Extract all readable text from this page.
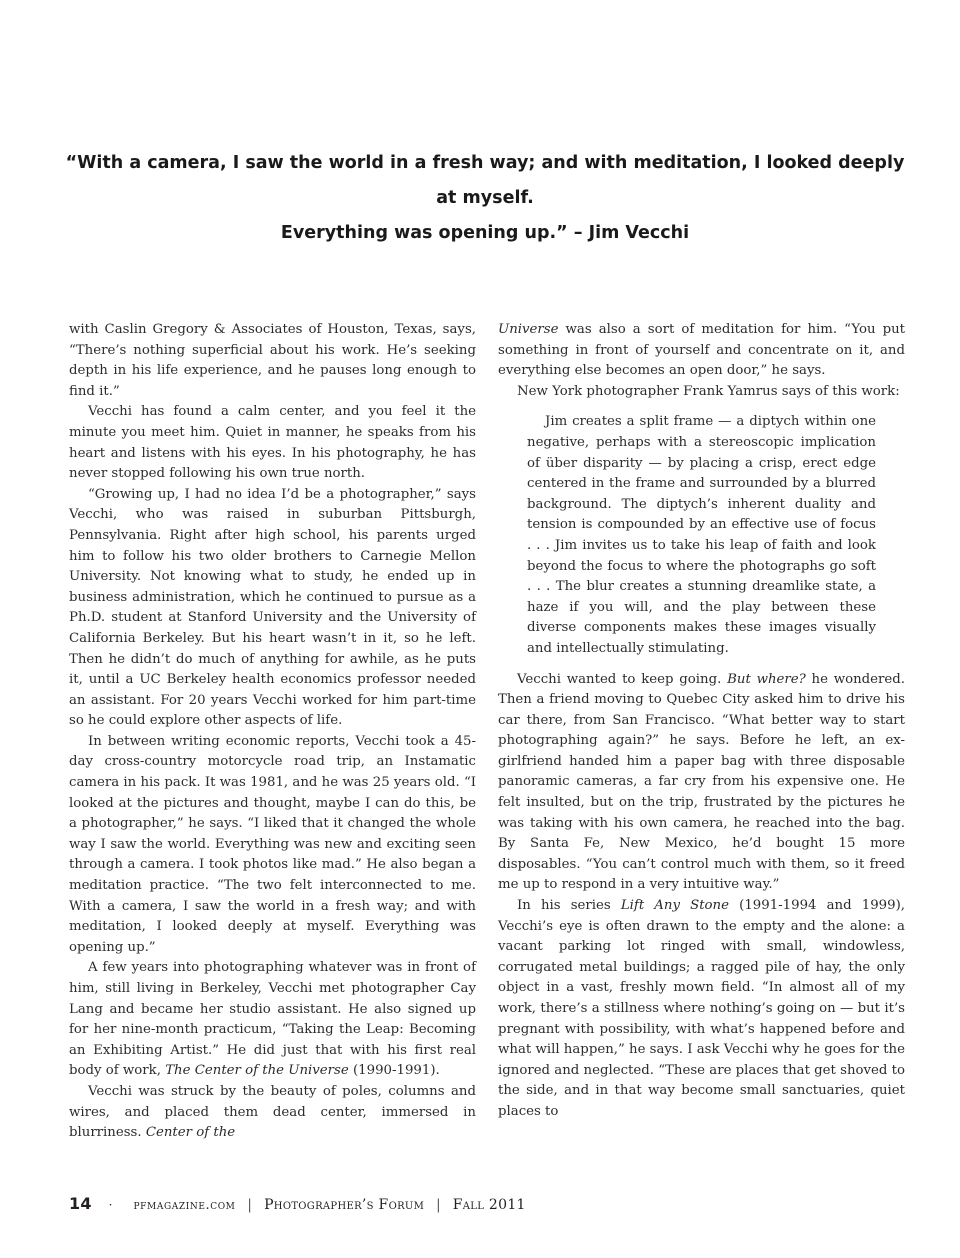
“With a camera, I saw the world in a fresh way; and with meditation, I looked deeply at myself.
Everything was opening up.” – Jim Vecchi

with Caslin Gregory & Associates of Houston, Texas, says, “There’s nothing superficial about his work. He’s seeking depth in his life experience, and he pauses long enough to find it.”

Vecchi has found a calm center, and you feel it the minute you meet him. Quiet in manner, he speaks from his heart and listens with his eyes. In his photography, he has never stopped following his own true north.

“Growing up, I had no idea I’d be a photographer,” says Vecchi, who was raised in suburban Pittsburgh, Pennsylvania. Right after high school, his parents urged him to follow his two older brothers to Carnegie Mellon University. Not knowing what to study, he ended up in business administration, which he continued to pursue as a Ph.D. student at Stanford University and the University of California Berkeley. But his heart wasn’t in it, so he left. Then he didn’t do much of anything for awhile, as he puts it, until a UC Berkeley health economics professor needed an assistant. For 20 years Vecchi worked for him part-time so he could explore other aspects of life.

In between writing economic reports, Vecchi took a 45-day cross-country motorcycle road trip, an Instamatic camera in his pack. It was 1981, and he was 25 years old. “I looked at the pictures and thought, maybe I can do this, be a photographer,” he says. “I liked that it changed the whole way I saw the world. Everything was new and exciting seen through a camera. I took photos like mad.” He also began a meditation practice. “The two felt interconnected to me. With a camera, I saw the world in a fresh way; and with meditation, I looked deeply at myself. Everything was opening up.”

A few years into photographing whatever was in front of him, still living in Berkeley, Vecchi met photographer Cay Lang and became her studio assistant. He also signed up for her nine-month practicum, “Taking the Leap: Becoming an Exhibiting Artist.” He did just that with his first real body of work, The Center of the Universe (1990-1991).

Vecchi was struck by the beauty of poles, columns and wires, and placed them dead center, immersed in blurriness. Center of the

Universe was also a sort of meditation for him. “You put something in front of yourself and concentrate on it, and everything else becomes an open door,” he says.

New York photographer Frank Yamrus says of this work:

Jim creates a split frame — a diptych within one negative, perhaps with a stereoscopic implication of über disparity — by placing a crisp, erect edge centered in the frame and surrounded by a blurred background. The diptych’s inherent duality and tension is compounded by an effective use of focus . . . Jim invites us to take his leap of faith and look beyond the focus to where the photographs go soft . . . The blur creates a stunning dreamlike state, a haze if you will, and the play between these diverse components makes these images visually and intellectually stimulating.

Vecchi wanted to keep going. But where? he wondered. Then a friend moving to Quebec City asked him to drive his car there, from San Francisco. “What better way to start photographing again?” he says. Before he left, an ex-girlfriend handed him a paper bag with three disposable panoramic cameras, a far cry from his expensive one. He felt insulted, but on the trip, frustrated by the pictures he was taking with his own camera, he reached into the bag. By Santa Fe, New Mexico, he’d bought 15 more disposables. “You can’t control much with them, so it freed me up to respond in a very intuitive way.”

In his series Lift Any Stone (1991-1994 and 1999), Vecchi’s eye is often drawn to the empty and the alone: a vacant parking lot ringed with small, windowless, corrugated metal buildings; a ragged pile of hay, the only object in a vast, freshly mown field. “In almost all of my work, there’s a stillness where nothing’s going on — but it’s pregnant with possibility, with what’s happened before and what will happen,” he says. I ask Vecchi why he goes for the ignored and neglected. “These are places that get shoved to the side, and in that way become small sanctuaries, quiet places to

14 · pfmagazine.com | Photographer’s Forum | Fall 2011
